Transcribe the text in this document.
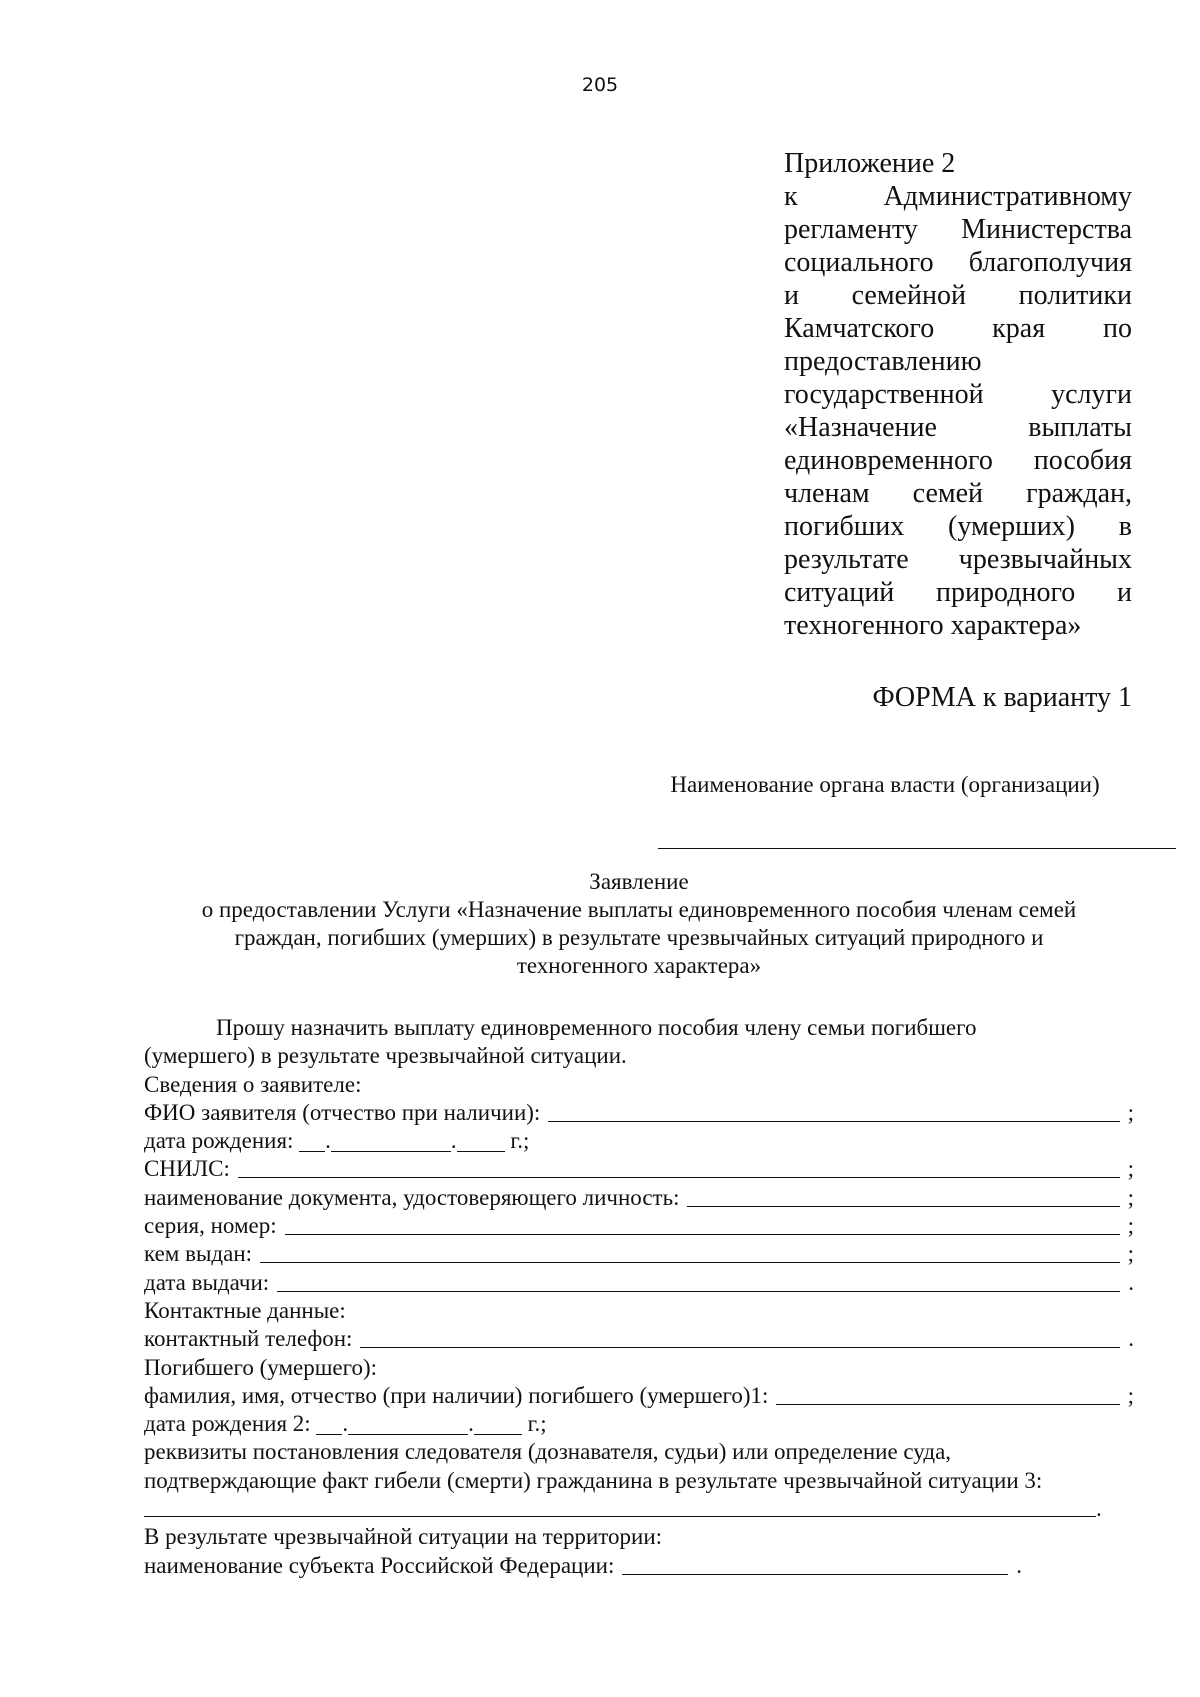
205
Приложение 2
к Административному
регламенту Министерства
социального благополучия
и семейной политики
Камчатского края по
предоставлению
государственной услуги
«Назначение выплаты
единовременного пособия
членам семей граждан,
погибших (умерших) в
результате чрезвычайных
ситуаций природного и
техногенного характера»
ФОРМА к варианту 1
Наименование органа власти (организации)
Заявление
о предоставлении Услуги «Назначение выплаты единовременного пособия членам семей
граждан, погибших (умерших) в результате чрезвычайных ситуаций природного и
техногенного характера»
Прошу назначить выплату единовременного пособия члену семьи погибшего
(умершего) в результате чрезвычайной ситуации.
Сведения о заявителе:
ФИО заявителя (отчество при наличии):	;
дата рождения:
.	.
г.;
СНИЛС:	;
наименование документа, удостоверяющего личность:	;
серия, номер:	;
кем выдан:	;
дата выдачи:	.
Контактные данные:
контактный телефон:	.
Погибшего (умершего):
фамилия, имя, отчество (при наличии) погибшего (умершего)1:	;
дата рождения 2:
.	.
г.;
реквизиты постановления следователя (дознавателя, судьи) или определение суда,
подтверждающие факт гибели (смерти) гражданина в результате чрезвычайной ситуации 3:
.
В результате чрезвычайной ситуации на территории:
наименование субъекта Российской Федерации:	.
